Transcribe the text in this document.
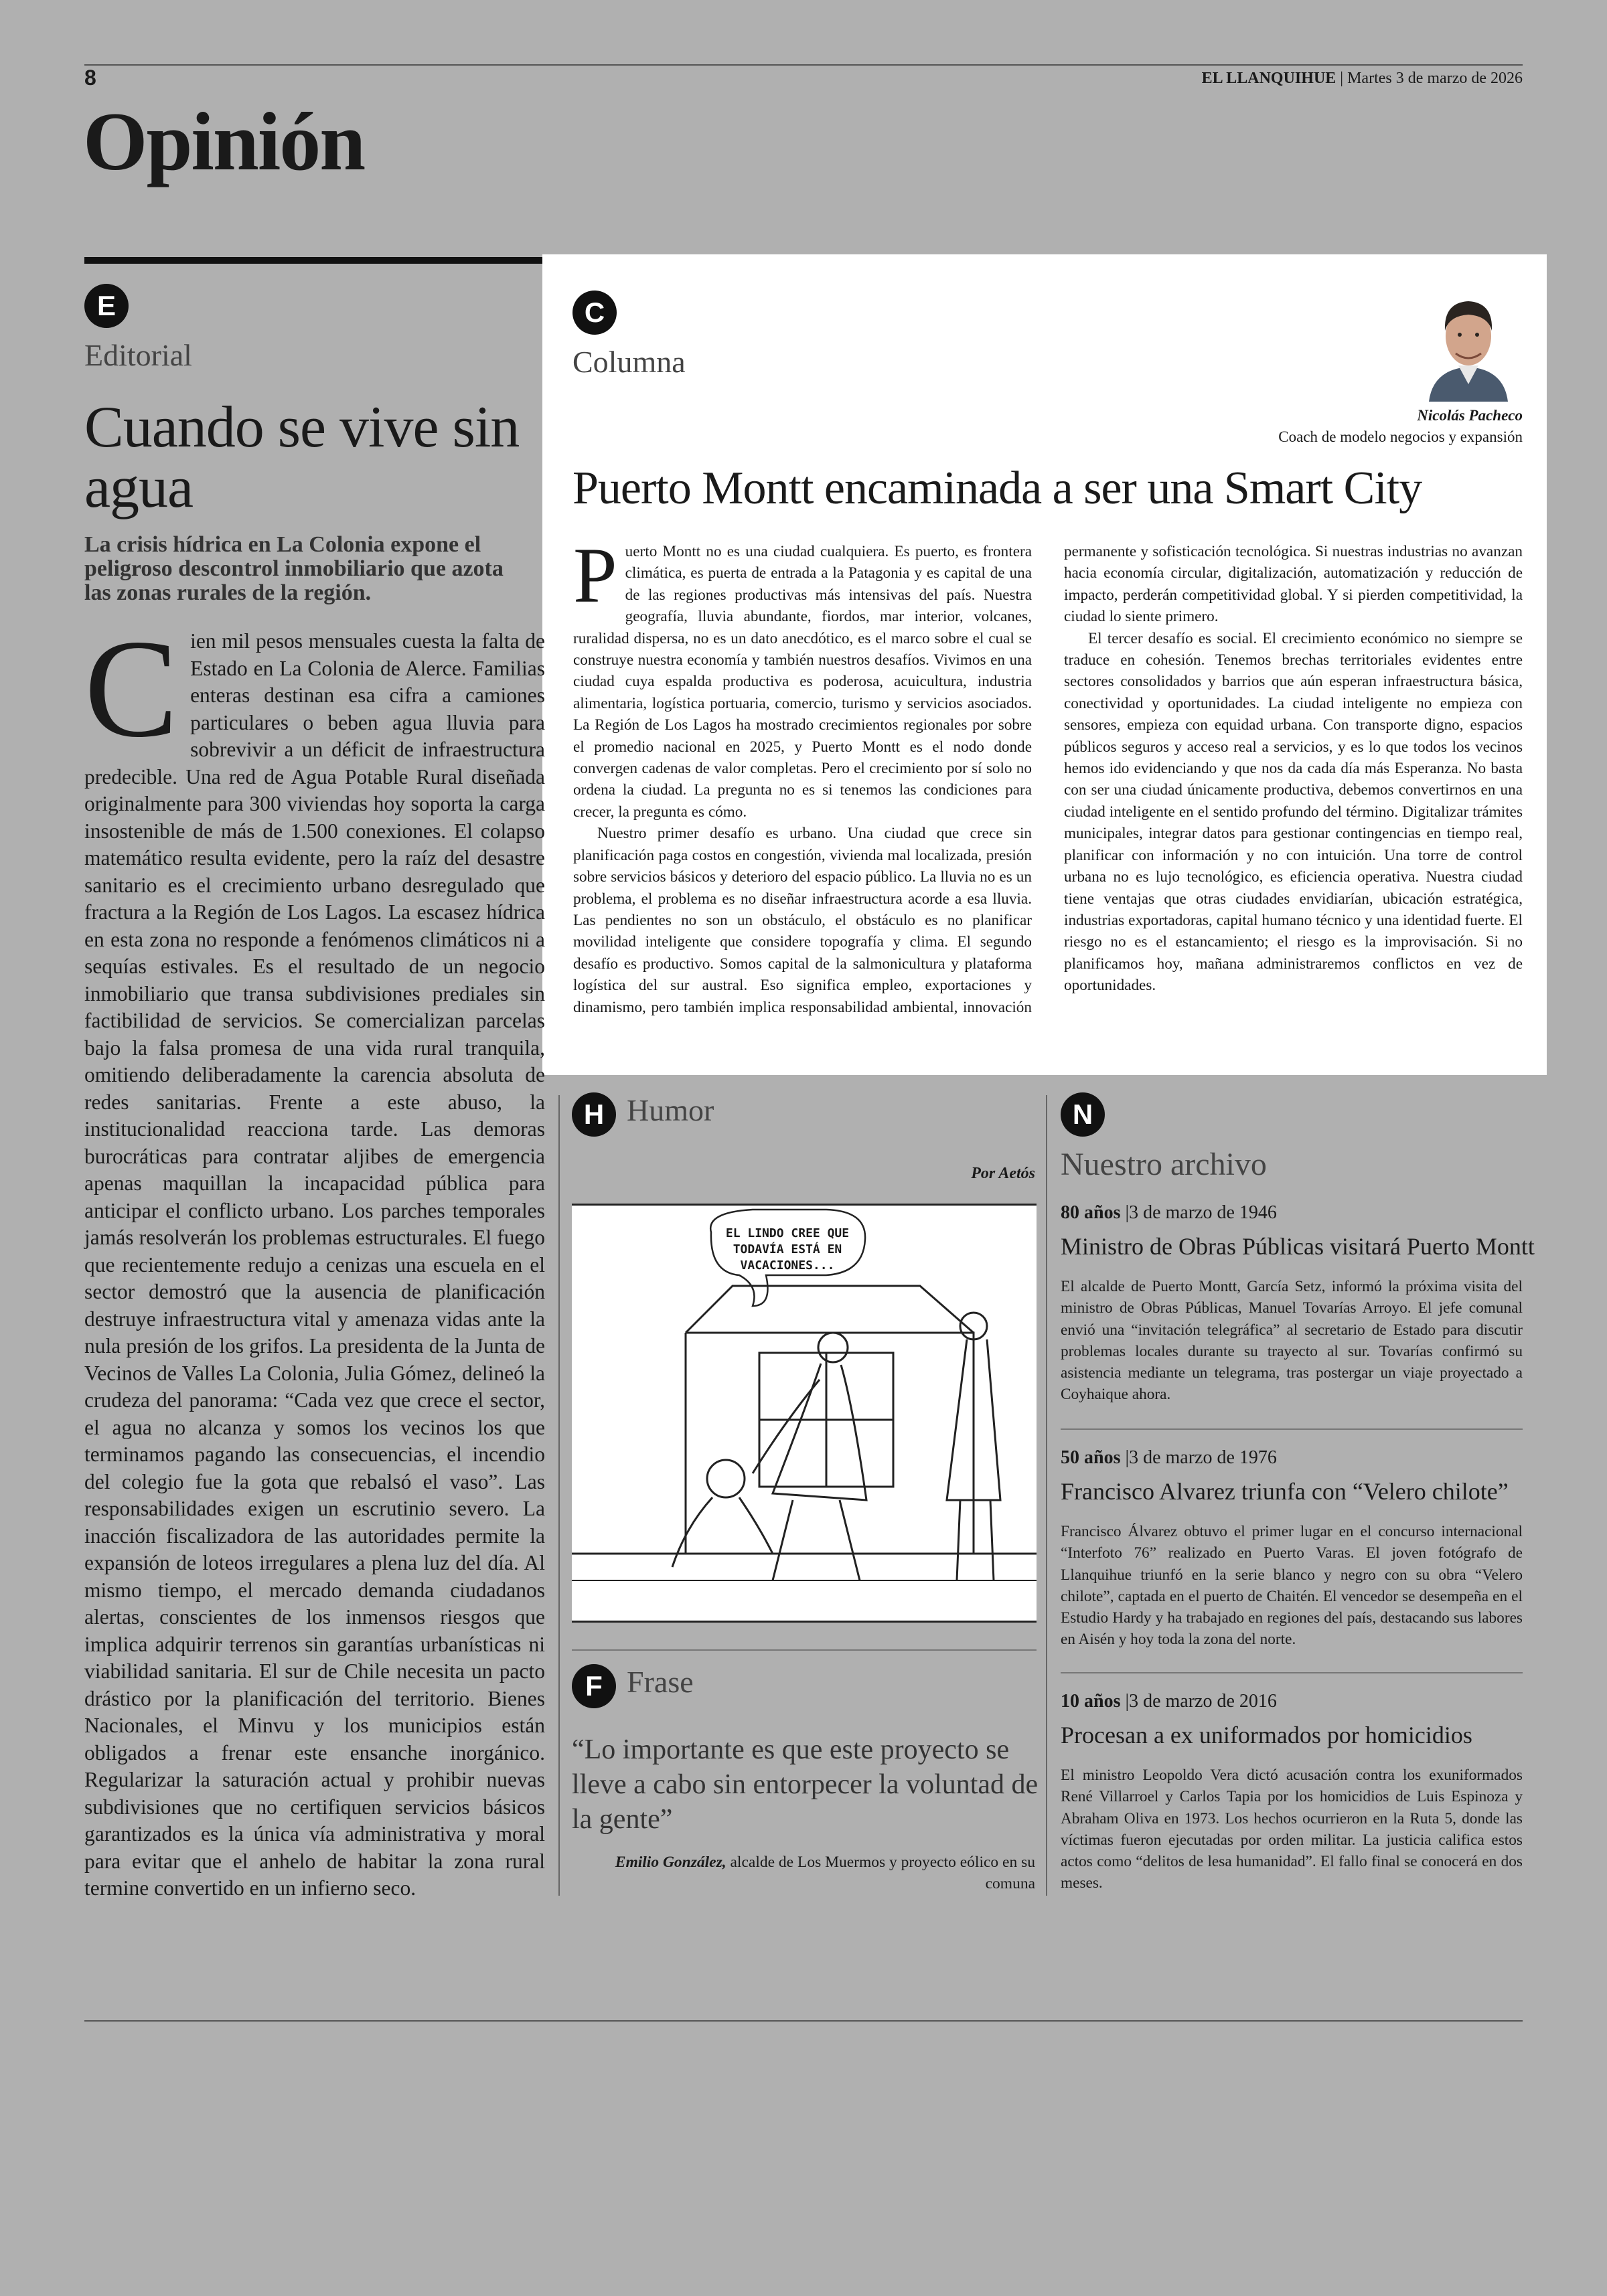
8	EL LLANQUIHUE | Martes 3 de marzo de 2026
Opinión
E
Editorial
Cuando se vive sin agua
La crisis hídrica en La Colonia expone el peligroso descontrol inmobiliario que azota las zonas rurales de la región.
Cien mil pesos mensuales cuesta la falta de Estado en La Colonia de Alerce. Familias enteras destinan esa cifra a camiones particulares o beben agua lluvia para sobrevivir a un déficit de infraestructura predecible. Una red de Agua Potable Rural diseñada originalmente para 300 viviendas hoy soporta la carga insostenible de más de 1.500 conexiones. El colapso matemático resulta evidente, pero la raíz del desastre sanitario es el crecimiento urbano desregulado que fractura a la Región de Los Lagos. La escasez hídrica en esta zona no responde a fenómenos climáticos ni a sequías estivales. Es el resultado de un negocio inmobiliario que transa subdivisiones prediales sin factibilidad de servicios. Se comercializan parcelas bajo la falsa promesa de una vida rural tranquila, omitiendo deliberadamente la carencia absoluta de redes sanitarias. Frente a este abuso, la institucionalidad reacciona tarde. Las demoras burocráticas para contratar aljibes de emergencia apenas maquillan la incapacidad pública para anticipar el conflicto urbano. Los parches temporales jamás resolverán los problemas estructurales. El fuego que recientemente redujo a cenizas una escuela en el sector demostró que la ausencia de planificación destruye infraestructura vital y amenaza vidas ante la nula presión de los grifos. La presidenta de la Junta de Vecinos de Valles La Colonia, Julia Gómez, delineó la crudeza del panorama: “Cada vez que crece el sector, el agua no alcanza y somos los vecinos los que terminamos pagando las consecuencias, el incendio del colegio fue la gota que rebalsó el vaso”. Las responsabilidades exigen un escrutinio severo. La inacción fiscalizadora de las autoridades permite la expansión de loteos irregulares a plena luz del día. Al mismo tiempo, el mercado demanda ciudadanos alertas, conscientes de los inmensos riesgos que implica adquirir terrenos sin garantías urbanísticas ni viabilidad sanitaria. El sur de Chile necesita un pacto drástico por la planificación del territorio. Bienes Nacionales, el Minvu y los municipios están obligados a frenar este ensanche inorgánico. Regularizar la saturación actual y prohibir nuevas subdivisiones que no certifiquen servicios básicos garantizados es la única vía administrativa y moral para evitar que el anhelo de habitar la zona rural termine convertido en un infierno seco.
C
Columna
Nicolás Pacheco
Coach de modelo negocios y expansión
Puerto Montt encaminada a ser una Smart City

Puerto Montt no es una ciudad cualquiera. Es puerto, es frontera climática, es puerta de entrada a la Patagonia y es capital de una de las regiones productivas más intensivas del país. Nuestra geografía, lluvia abundante, fiordos, mar interior, volcanes, ruralidad dispersa, no es un dato anecdótico, es el marco sobre el cual se construye nuestra economía y también nuestros desafíos. Vivimos en una ciudad cuya espalda productiva es poderosa, acuicultura, industria alimentaria, logística portuaria, comercio, turismo y servicios asociados. La Región de Los Lagos ha mostrado crecimientos regionales por sobre el promedio nacional en 2025, y Puerto Montt es el nodo donde convergen cadenas de valor completas. Pero el crecimiento por sí solo no ordena la ciudad. La pregunta no es si tenemos las condiciones para crecer, la pregunta es cómo.

Nuestro primer desafío es urbano. Una ciudad que crece sin planificación paga costos en congestión, vivienda mal localizada, presión sobre servicios básicos y deterioro del espacio público. La lluvia no es un problema, el problema es no diseñar infraestructura acorde a esa lluvia. Las pendientes no son un obstáculo, el obstáculo es no planificar movilidad inteligente que considere topografía y clima. El segundo desafío es productivo. Somos capital de la salmonicultura y plataforma logística del sur austral. Eso significa empleo, exportaciones y dinamismo, pero también implica responsabilidad ambiental, innovación permanente y sofisticación tecnológica. Si nuestras industrias no avanzan hacia economía circular, digitalización, automatización y reducción de impacto, perderán competitividad global. Y si pierden competitividad, la ciudad lo siente primero.

El tercer desafío es social. El crecimiento económico no siempre se traduce en cohesión. Tenemos brechas territoriales evidentes entre sectores consolidados y barrios que aún esperan infraestructura básica, conectividad y oportunidades. La ciudad inteligente no empieza con sensores, empieza con equidad urbana. Con transporte digno, espacios públicos seguros y acceso real a servicios, y es lo que todos los vecinos hemos ido evidenciando y que nos da cada día más Esperanza. No basta con ser una ciudad únicamente productiva, debemos convertirnos en una ciudad inteligente en el sentido profundo del término. Digitalizar trámites municipales, integrar datos para gestionar contingencias en tiempo real, planificar con información y no con intuición. Una torre de control urbana no es lujo tecnológico, es eficiencia operativa. Nuestra ciudad tiene ventajas que otras ciudades envidiarían, ubicación estratégica, industrias exportadoras, capital humano técnico y una identidad fuerte. El riesgo no es el estancamiento; el riesgo es la improvisación. Si no planificamos hoy, mañana administraremos conflictos en vez de oportunidades.

H Humor
Por Aetós
EL LINDO CREE QUE TODAVÍA ESTÁ EN VACACIONES...
F Frase
“Lo importante es que este proyecto se lleve a cabo sin entorpecer la voluntad de la gente”
Emilio González, alcalde de Los Muermos y proyecto eólico en su comuna
N
Nuestro archivo
80 años |3 de marzo de 1946
Ministro de Obras Públicas visitará Puerto Montt
El alcalde de Puerto Montt, García Setz, informó la próxima visita del ministro de Obras Públicas, Manuel Tovarías Arroyo. El jefe comunal envió una “invitación telegráfica” al secretario de Estado para discutir problemas locales durante su trayecto al sur. Tovarías confirmó su asistencia mediante un telegrama, tras postergar un viaje proyectado a Coyhaique ahora.
50 años |3 de marzo de 1976
Francisco Alvarez triunfa con “Velero chilote”
Francisco Álvarez obtuvo el primer lugar en el concurso internacional “Interfoto 76” realizado en Puerto Varas. El joven fotógrafo de Llanquihue triunfó en la serie blanco y negro con su obra “Velero chilote”, captada en el puerto de Chaitén. El vencedor se desempeña en el Estudio Hardy y ha trabajado en regiones del país, destacando sus labores en Aisén y hoy toda la zona del norte.
10 años |3 de marzo de 2016
Procesan a ex uniformados por homicidios
El ministro Leopoldo Vera dictó acusación contra los exuniformados René Villarroel y Carlos Tapia por los homicidios de Luis Espinoza y Abraham Oliva en 1973. Los hechos ocurrieron en la Ruta 5, donde las víctimas fueron ejecutadas por orden militar. La justicia califica estos actos como “delitos de lesa humanidad”. El fallo final se conocerá en dos meses.
